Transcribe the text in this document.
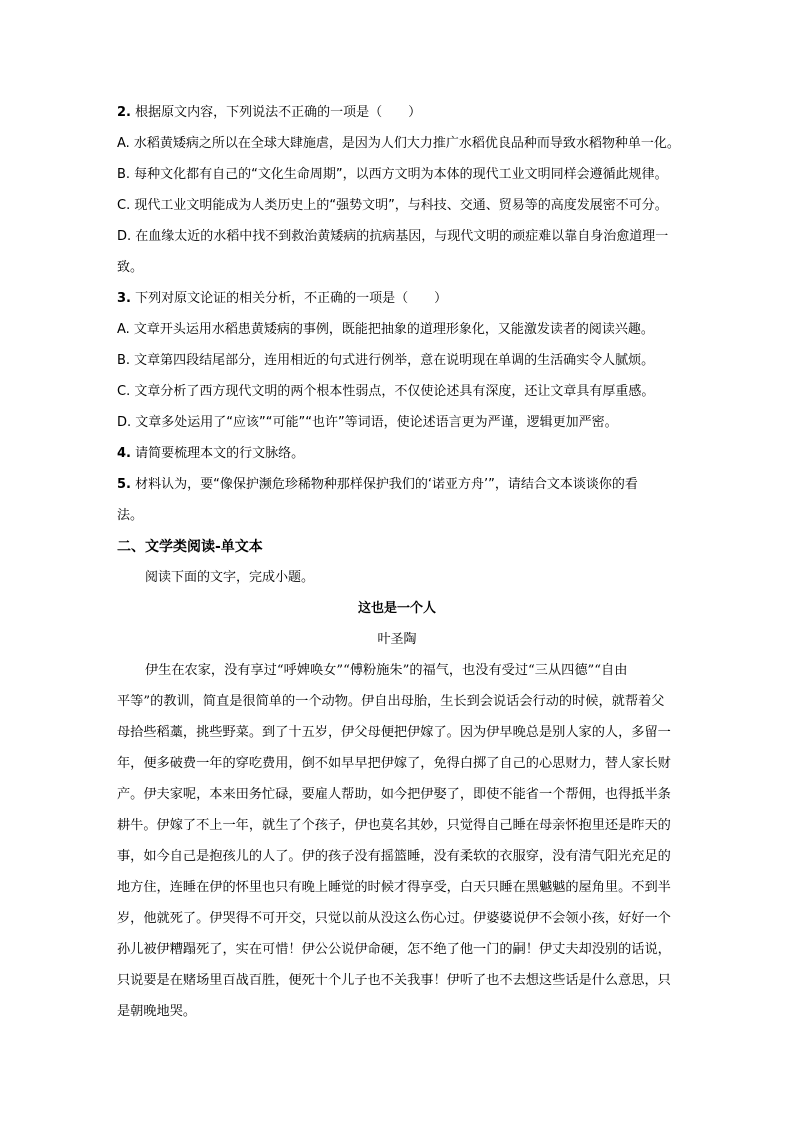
2. 根据原文内容，下列说法不正确的一项是（　　）

A. 水稻黄矮病之所以在全球大肆施虐，是因为人们大力推广水稻优良品种而导致水稻物种单一化。

B. 每种文化都有自己的“文化生命周期”，以西方文明为本体的现代工业文明同样会遵循此规律。

C. 现代工业文明能成为人类历史上的“强势文明”，与科技、交通、贸易等的高度发展密不可分。

D. 在血缘太近的水稻中找不到救治黄矮病的抗病基因，与现代文明的顽症难以靠自身治愈道理一

致。

3. 下列对原文论证的相关分析，不正确的一项是（　　）

A. 文章开头运用水稻患黄矮病的事例，既能把抽象的道理形象化，又能激发读者的阅读兴趣。

B. 文章第四段结尾部分，连用相近的句式进行例举，意在说明现在单调的生活确实令人腻烦。

C. 文章分析了西方现代文明的两个根本性弱点，不仅使论述具有深度，还让文章具有厚重感。

D. 文章多处运用了“应该”“可能”“也许”等词语，使论述语言更为严谨，逻辑更加严密。

4. 请简要梳理本文的行文脉络。

5. 材料认为，要“像保护濒危珍稀物种那样保护我们的‘诺亚方舟’”，请结合文本谈谈你的看

法。

二、文学类阅读-单文本

阅读下面的文字，完成小题。

这也是一个人

叶圣陶

伊生在农家，没有享过“呼婢唤女”“傅粉施朱”的福气，也没有受过“三从四德”“自由

平等”的教训，简直是很简单的一个动物。伊自出母胎，生长到会说话会行动的时候，就帮着父

母拾些稻藁，挑些野菜。到了十五岁，伊父母便把伊嫁了。因为伊早晚总是别人家的人，多留一

年，便多破费一年的穿吃费用，倒不如早早把伊嫁了，免得白掷了自己的心思财力，替人家长财

产。伊夫家呢，本来田务忙碌，要雇人帮助，如今把伊娶了，即使不能省一个帮佣，也得抵半条

耕牛。伊嫁了不上一年，就生了个孩子，伊也莫名其妙，只觉得自己睡在母亲怀抱里还是昨天的

事，如今自己是抱孩儿的人了。伊的孩子没有摇篮睡，没有柔软的衣服穿，没有清气阳光充足的

地方住，连睡在伊的怀里也只有晚上睡觉的时候才得享受，白天只睡在黑魆魆的屋角里。不到半

岁，他就死了。伊哭得不可开交，只觉以前从没这么伤心过。伊婆婆说伊不会领小孩，好好一个

孙儿被伊糟蹋死了，实在可惜！伊公公说伊命硬，怎不绝了他一门的嗣！伊丈夫却没别的话说，

只说要是在赌场里百战百胜，便死十个儿子也不关我事！伊听了也不去想这些话是什么意思，只

是朝晚地哭。
